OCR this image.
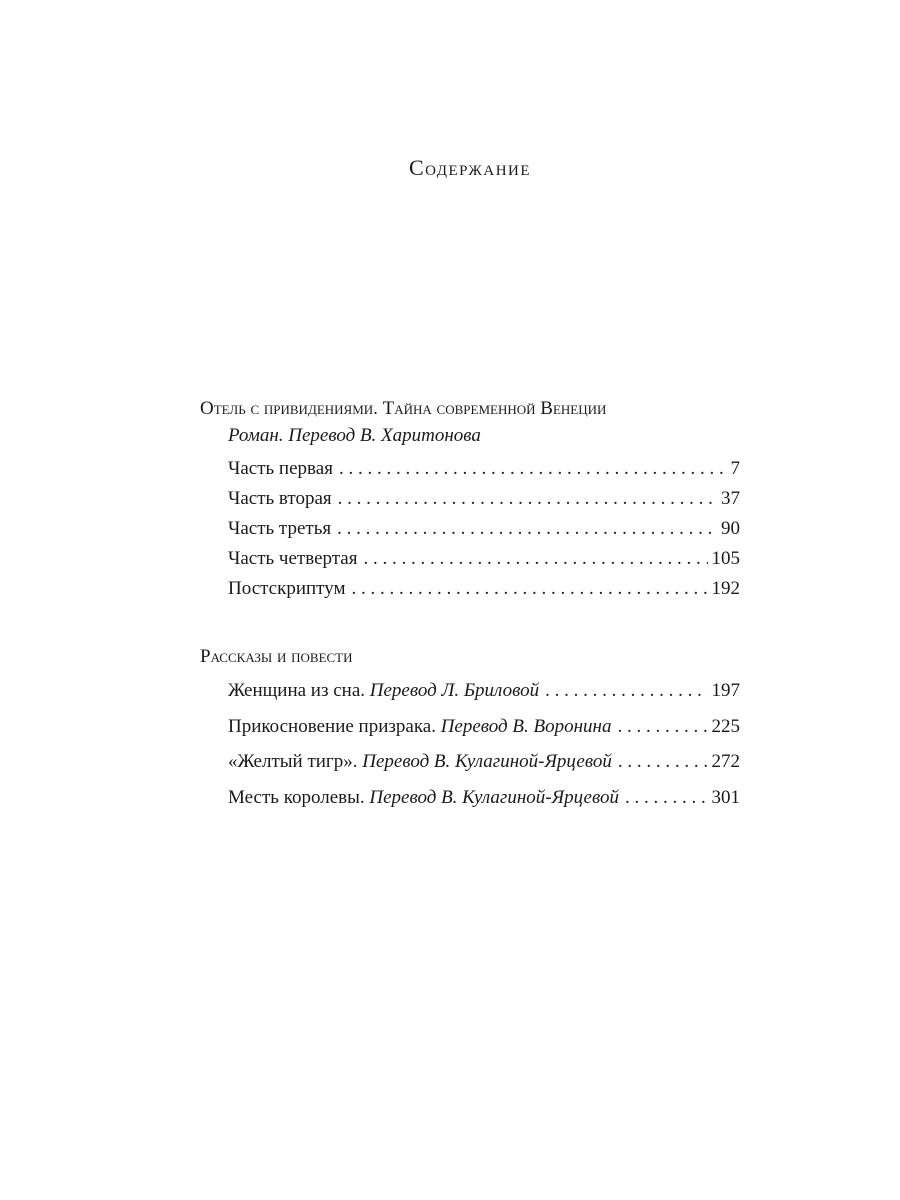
Содержание
Отель с привидениями. Тайна современной Венеции
Роман. Перевод В. Харитонова
Часть первая . . .	7
Часть вторая . . .	37
Часть третья . . .	90
Часть четвертая . . .	105
Постскриптум . . .	192
Рассказы и повести
Женщина из сна. Перевод Л. Бриловой . . .	197
Прикосновение призрака. Перевод В. Воронина . . .	225
«Желтый тигр». Перевод В. Кулагиной-Ярцевой . . .	272
Месть королевы. Перевод В. Кулагиной-Ярцевой . . .	301
